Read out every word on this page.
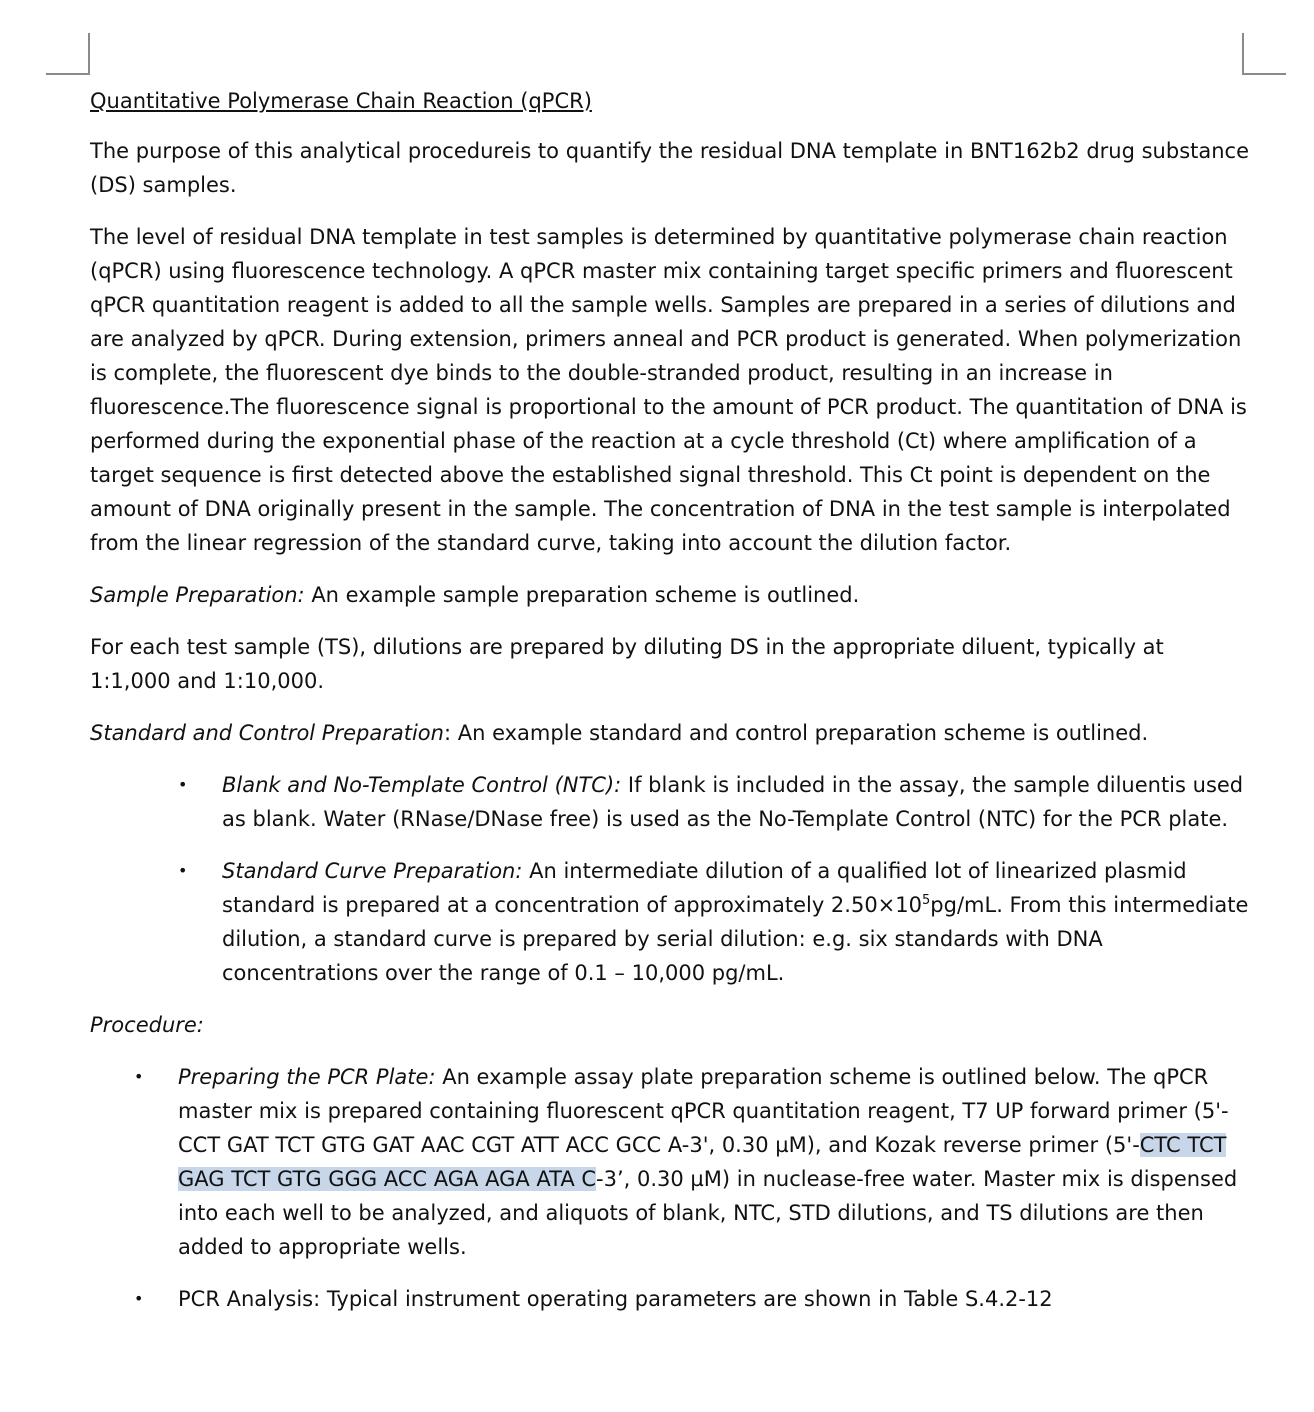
Quantitative Polymerase Chain Reaction (qPCR)

The purpose of this analytical procedureis to quantify the residual DNA template in BNT162b2 drug substance (DS) samples.

The level of residual DNA template in test samples is determined by quantitative polymerase chain reaction (qPCR) using fluorescence technology. A qPCR master mix containing target specific primers and fluorescent qPCR quantitation reagent is added to all the sample wells. Samples are prepared in a series of dilutions and are analyzed by qPCR. During extension, primers anneal and PCR product is generated. When polymerization is complete, the fluorescent dye binds to the double-stranded product, resulting in an increase in fluorescence.The fluorescence signal is proportional to the amount of PCR product. The quantitation of DNA is performed during the exponential phase of the reaction at a cycle threshold (Ct) where amplification of a target sequence is first detected above the established signal threshold. This Ct point is dependent on the amount of DNA originally present in the sample. The concentration of DNA in the test sample is interpolated from the linear regression of the standard curve, taking into account the dilution factor.

Sample Preparation: An example sample preparation scheme is outlined.

For each test sample (TS), dilutions are prepared by diluting DS in the appropriate diluent, typically at 1:1,000 and 1:10,000.

Standard and Control Preparation: An example standard and control preparation scheme is outlined.

• Blank and No-Template Control (NTC): If blank is included in the assay, the sample diluentis used as blank. Water (RNase/DNase free) is used as the No-Template Control (NTC) for the PCR plate.
• Standard Curve Preparation: An intermediate dilution of a qualified lot of linearized plasmid standard is prepared at a concentration of approximately $2.50\times 10^5pg/mL$. From this intermediate dilution, a standard curve is prepared by serial dilution: e.g. six standards with DNA concentrations over the range of 0.1 – 10,000 pg/mL.

Procedure:

• Preparing the PCR Plate: An example assay plate preparation scheme is outlined below. The qPCR master mix is prepared containing fluorescent qPCR quantitation reagent, T7 UP forward primer (5'-CCT GAT TCT GTG GAT AAC CGT ATT ACC GCC A-3', 0.30 µM), and Kozak reverse primer (5'-CTC TCT GAG TCT GTG GGG ACC AGA AGA ATA C-3’, 0.30 µM) in nuclease-free water. Master mix is dispensed into each well to be analyzed, and aliquots of blank, NTC, STD dilutions, and TS dilutions are then added to appropriate wells.
• PCR Analysis: Typical instrument operating parameters are shown in Table S.4.2-12
